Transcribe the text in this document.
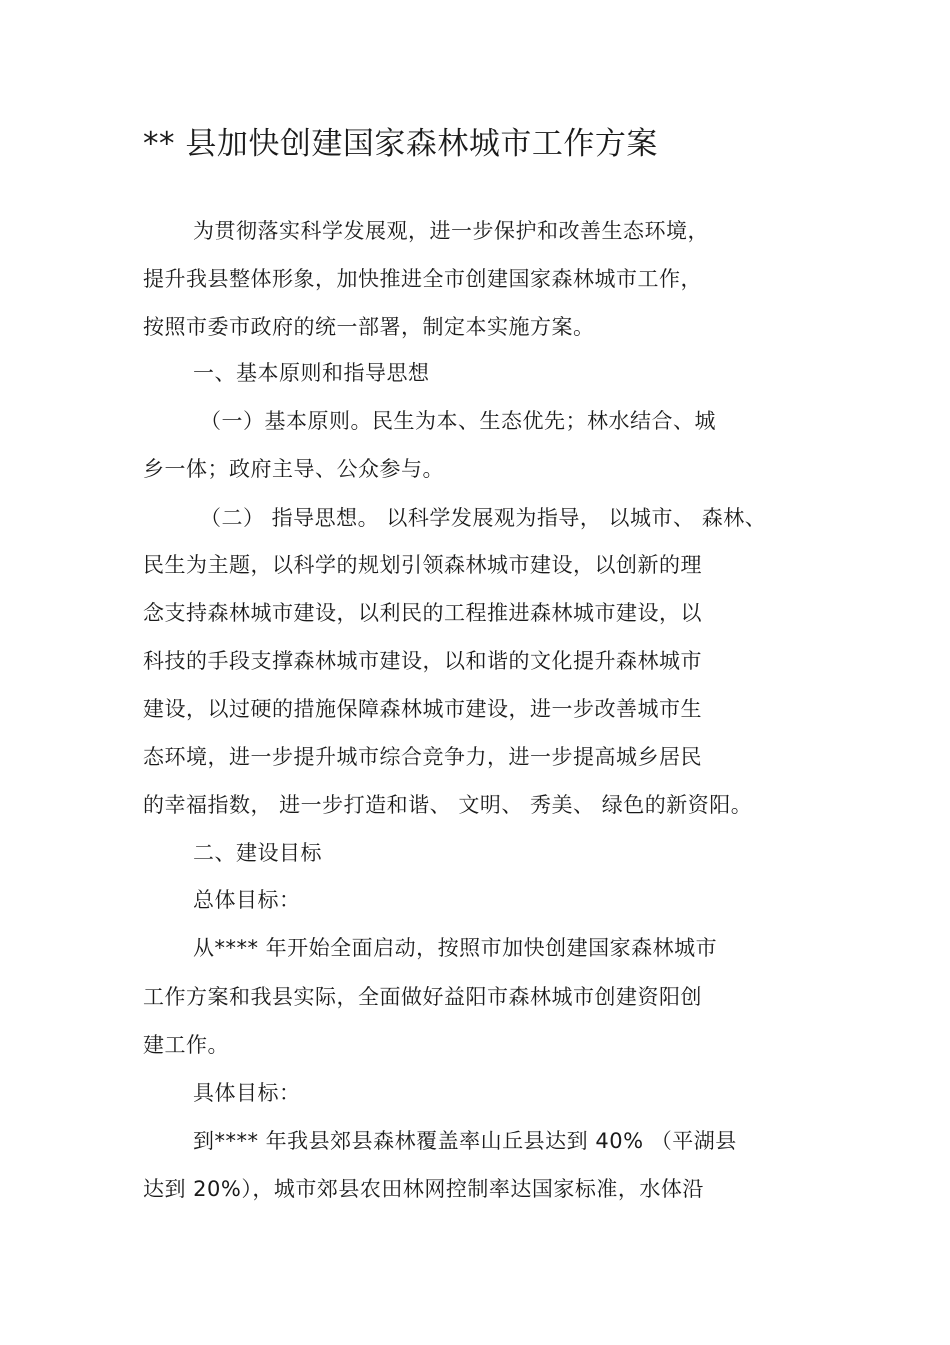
** 县加快创建国家森林城市工作方案
为贯彻落实科学发展观，进一步保护和改善生态环境，
提升我县整体形象，加快推进全市创建国家森林城市工作，
按照市委市政府的统一部署，制定本实施方案。
一、基本原则和指导思想
（一）基本原则。民生为本、生态优先；林水结合、城
乡一体；政府主导、公众参与。
（二） 指导思想。 以科学发展观为指导， 以城市、 森林、
民生为主题，以科学的规划引领森林城市建设，以创新的理
念支持森林城市建设，以利民的工程推进森林城市建设，以
科技的手段支撑森林城市建设，以和谐的文化提升森林城市
建设，以过硬的措施保障森林城市建设，进一步改善城市生
态环境，进一步提升城市综合竞争力，进一步提高城乡居民
的幸福指数， 进一步打造和谐、 文明、 秀美、 绿色的新资阳。
二、建设目标
总体目标：
从**** 年开始全面启动，按照市加快创建国家森林城市
工作方案和我县实际，全面做好益阳市森林城市创建资阳创
建工作。
具体目标：
到**** 年我县郊县森林覆盖率山丘县达到 40% （平湖县
达到 20%），城市郊县农田林网控制率达国家标准，水体沿
